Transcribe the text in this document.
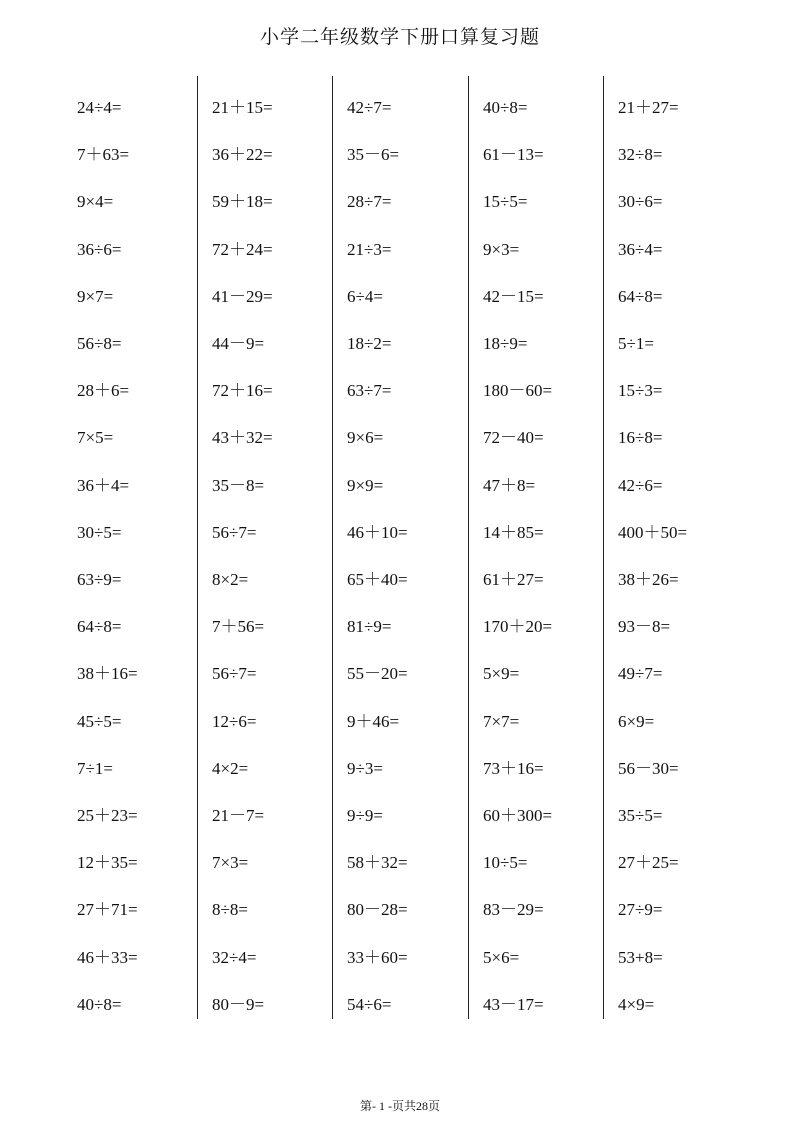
小学二年级数学下册口算复习题
24÷4=
7＋63=
9×4=
36÷6=
9×7=
56÷8=
28＋6=
7×5=
36＋4=
30÷5=
63÷9=
64÷8=
38＋16=
45÷5=
7÷1=
25＋23=
12＋35=
27＋71=
46＋33=
40÷8=
21＋15=
36＋22=
59＋18=
72＋24=
41－29=
44－9=
72＋16=
43＋32=
35－8=
56÷7=
8×2=
7＋56=
56÷7=
12÷6=
4×2=
21－7=
7×3=
8÷8=
32÷4=
80－9=
42÷7=
35－6=
28÷7=
21÷3=
6÷4=
18÷2=
63÷7=
9×6=
9×9=
46＋10=
65＋40=
81÷9=
55－20=
9＋46=
9÷3=
9÷9=
58＋32=
80－28=
33＋60=
54÷6=
40÷8=
61－13=
15÷5=
9×3=
42－15=
18÷9=
180－60=
72－40=
47＋8=
14＋85=
61＋27=
170＋20=
5×9=
7×7=
73＋16=
60＋300=
10÷5=
83－29=
5×6=
43－17=
21＋27=
32÷8=
30÷6=
36÷4=
64÷8=
5÷1=
15÷3=
16÷8=
42÷6=
400＋50=
38＋26=
93－8=
49÷7=
6×9=
56－30=
35÷5=
27＋25=
27÷9=
53+8=
4×9=
第- 1 -页共28页
